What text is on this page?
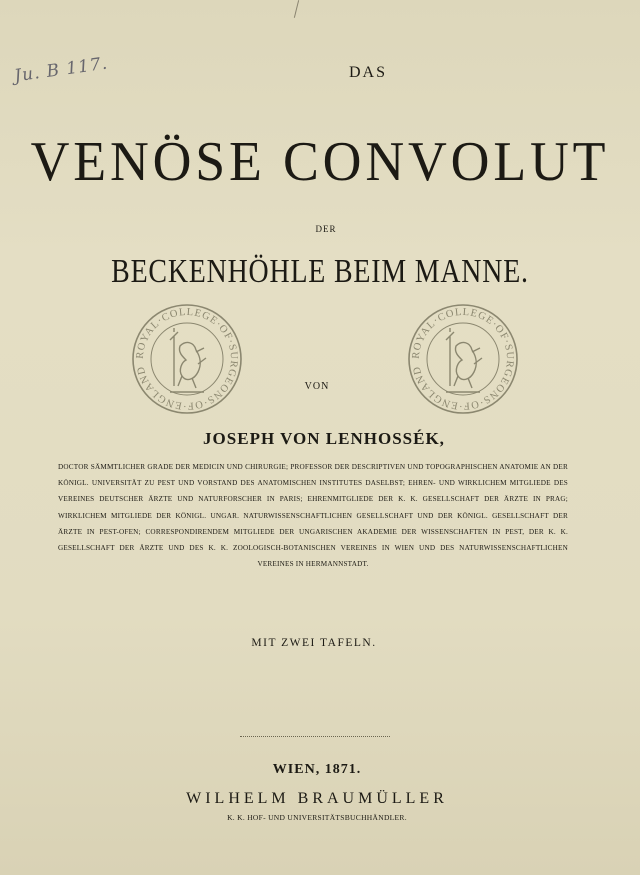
Ju. B 117.	DAS
VENÖSE CONVOLUT
DER
BECKENHÖHLE BEIM MANNE.
ROYAL·COLLEGE·OF·SURGEONS·OF·ENGLAND
VON
ROYAL·COLLEGE·OF·SURGEONS·OF·ENGLAND
JOSEPH VON LENHOSSÉK,
DOCTOR SÄMMTLICHER GRADE DER MEDICIN UND CHIRURGIE; PROFESSOR DER DESCRIPTIVEN UND TOPOGRAPHISCHEN ANATOMIE AN DER KÖNIGL. UNIVERSITÄT ZU PEST UND VORSTAND DES ANATOMISCHEN INSTITUTES DASELBST; EHREN- UND WIRKLICHEM MITGLIEDE DES VEREINES DEUTSCHER ÄRZTE UND NATURFORSCHER IN PARIS; EHRENMITGLIEDE DER K. K. GESELLSCHAFT DER ÄRZTE IN PRAG; WIRKLICHEM MITGLIEDE DER KÖNIGL. UNGAR. NATURWISSENSCHAFTLICHEN GESELLSCHAFT UND DER KÖNIGL. GESELLSCHAFT DER ÄRZTE IN PEST-OFEN; CORRESPONDIRENDEM MITGLIEDE DER UNGARISCHEN AKADEMIE DER WISSENSCHAFTEN IN PEST, DER K. K. GESELLSCHAFT DER ÄRZTE UND DES K. K. ZOOLOGISCH-BOTANISCHEN VEREINES IN WIEN UND DES NATURWISSENSCHAFTLICHEN VEREINES IN HERMANNSTADT.
MIT ZWEI TAFELN.
WIEN, 1871.
WILHELM BRAUMÜLLER
K. K. HOF- UND UNIVERSITÄTSBUCHHÄNDLER.
